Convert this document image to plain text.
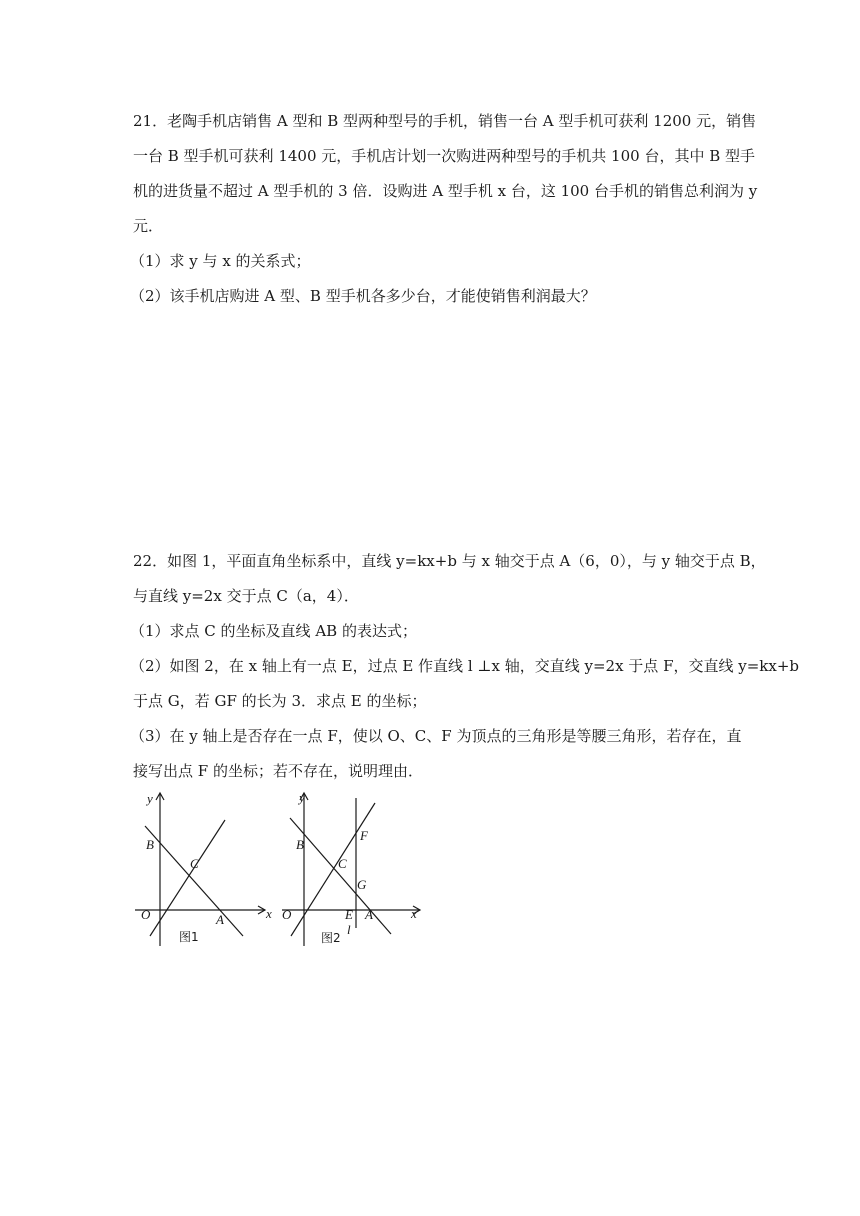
21．老陶手机店销售 A 型和 B 型两种型号的手机，销售一台 A 型手机可获利 1200 元，销售
一台 B 型手机可获利 1400 元，手机店计划一次购进两种型号的手机共 100 台，其中 B 型手
机的进货量不超过 A 型手机的 3 倍．设购进 A 型手机 x 台，这 100 台手机的销售总利润为 y
元．
（1）求 y 与 x 的关系式；
（2）该手机店购进 A 型、B 型手机各多少台，才能使销售利润最大？
22．如图 1，平面直角坐标系中，直线 y=kx+b 与 x 轴交于点 A（6，0），与 y 轴交于点 B，
与直线 y=2x 交于点 C（a，4）．
（1）求点 C 的坐标及直线 AB 的表达式；
（2）如图 2，在 x 轴上有一点 E，过点 E 作直线 l ⊥x 轴，交直线 y=2x 于点 F，交直线 y=kx+b
于点 G，若 GF 的长为 3．求点 E 的坐标；
（3）在 y 轴上是否存在一点 F，使以 O、C、F 为顶点的三角形是等腰三角形，若存在，直
接写出点 F 的坐标；若不存在，说明理由．
y
x
O	A
B
C
图1
y
x
O
B
C
F
G
E A
l
图2
